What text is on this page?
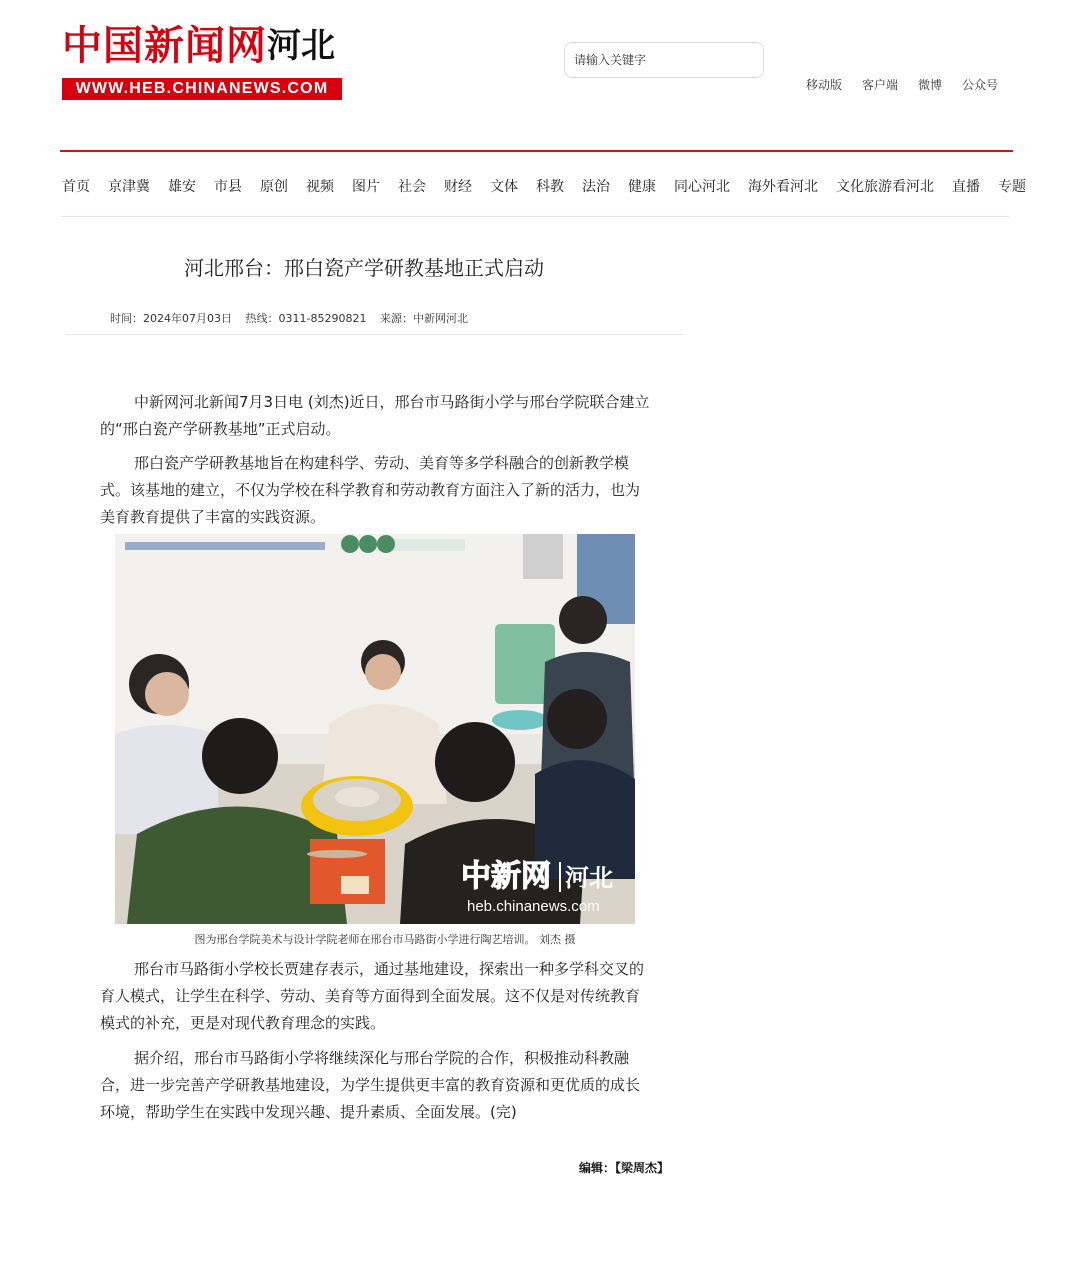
中国新闻网 河北
WWW.HEB.CHINANEWS.COM
请输入关键字	移动版 客户端 微博 公众号
首页 京津冀 雄安 市县 原创 视频 图片 社会 财经 文体 科教 法治 健康 同心河北 海外看河北 文化旅游看河北 直播 专题
河北邢台：邢白瓷产学研教基地正式启动
时间：2024年07月03日 热线：0311-85290821 来源：中新网河北

中新网河北新闻7月3日电 (刘杰)近日，邢台市马路街小学与邢台学院联合建立的“邢白瓷产学研教基地”正式启动。

邢白瓷产学研教基地旨在构建科学、劳动、美育等多学科融合的创新教学模式。该基地的建立，不仅为学校在科学教育和劳动教育方面注入了新的活力，也为美育教育提供了丰富的实践资源。

中新网 河北
heb.chinanews.com
图为邢台学院美术与设计学院老师在邢台市马路街小学进行陶艺培训。 刘杰 摄

邢台市马路街小学校长贾建存表示，通过基地建设，探索出一种多学科交叉的育人模式，让学生在科学、劳动、美育等方面得到全面发展。这不仅是对传统教育模式的补充，更是对现代教育理念的实践。

据介绍，邢台市马路街小学将继续深化与邢台学院的合作，积极推动科教融合，进一步完善产学研教基地建设，为学生提供更丰富的教育资源和更优质的成长环境，帮助学生在实践中发现兴趣、提升素质、全面发展。(完)

编辑：【梁周杰】
